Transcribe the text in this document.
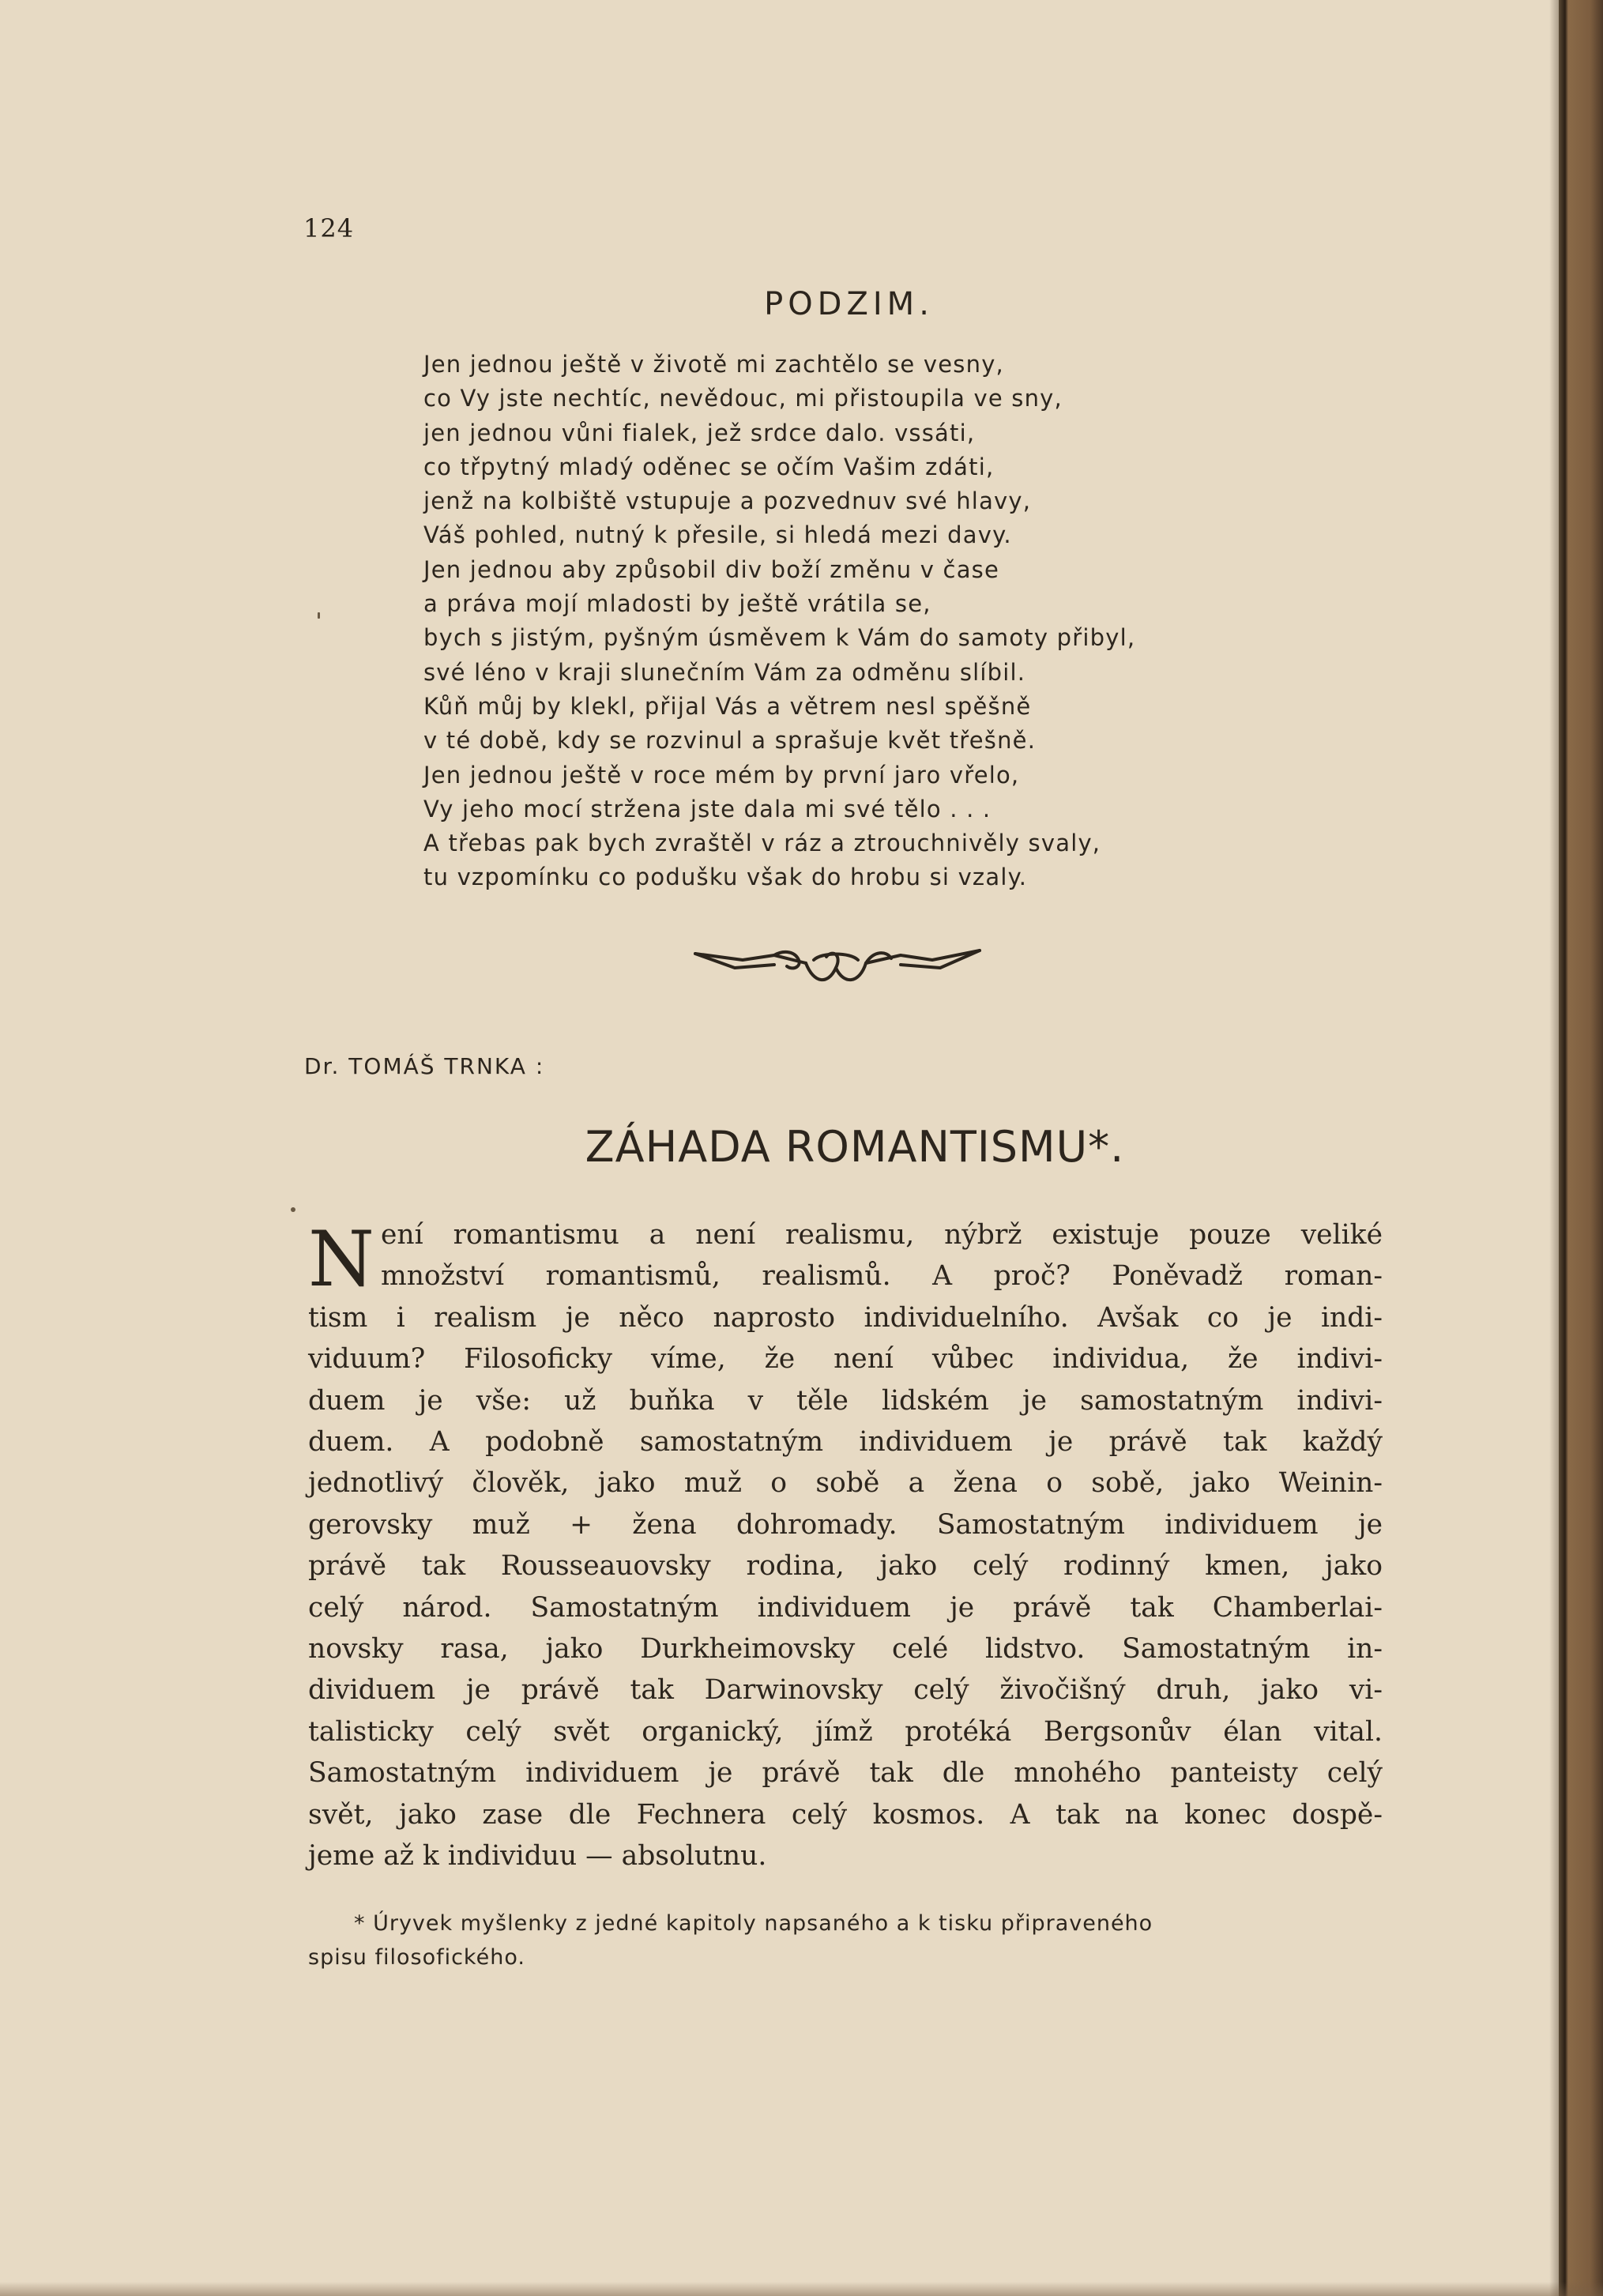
124
PODZIM.
Jen jednou ještě v životě mi zachtělo se vesny,
co Vy jste nechtíc, nevědouc, mi přistoupila ve sny,
jen jednou vůni fialek, jež srdce dalo. vssáti,
co třpytný mladý oděnec se očím Vašim zdáti,
jenž na kolbiště vstupuje a pozvednuv své hlavy,
Váš pohled, nutný k přesile, si hledá mezi davy.
Jen jednou aby způsobil div boží změnu v čase
a práva mojí mladosti by ještě vrátila se,
bych s jistým, pyšným úsměvem k Vám do samoty přibyl,
své léno v kraji slunečním Vám za odměnu slíbil.
Kůň můj by klekl, přijal Vás a větrem nesl spěšně
v té době, kdy se rozvinul a sprašuje květ třešně.
Jen jednou ještě v roce mém by první jaro vřelo,
Vy jeho mocí stržena jste dala mi své tělo . . .
A třebas pak bych zvraštěl v ráz a ztrouchnivěly svaly,
tu vzpomínku co podušku však do hrobu si vzaly.
Dr. TOMÁŠ TRNKA :
ZÁHADA ROMANTISMU*.
N ení romantismu a není realismu, nýbrž existuje pouze veliké
množství romantismů, realismů. A proč? Poněvadž roman-
tism i realism je něco naprosto individuelního. Avšak co je indi-
viduum? Filosoficky víme, že není vůbec individua, že indivi-
duem je vše: už buňka v těle lidském je samostatným indivi-
duem. A podobně samostatným individuem je právě tak každý
jednotlivý člověk, jako muž o sobě a žena o sobě, jako Weinin-
gerovsky muž + žena dohromady. Samostatným individuem je
právě tak Rousseauovsky rodina, jako celý rodinný kmen, jako
celý národ. Samostatným individuem je právě tak Chamberlai-
novsky rasa, jako Durkheimovsky celé lidstvo. Samostatným in-
dividuem je právě tak Darwinovsky celý živočišný druh, jako vi-
talisticky celý svět organický, jímž protéká Bergsonův élan vital.
Samostatným individuem je právě tak dle mnohého panteisty celý
svět, jako zase dle Fechnera celý kosmos. A tak na konec dospě-
jeme až k individuu — absolutnu.
* Úryvek myšlenky z jedné kapitoly napsaného a k tisku připraveného
spisu filosofického.
